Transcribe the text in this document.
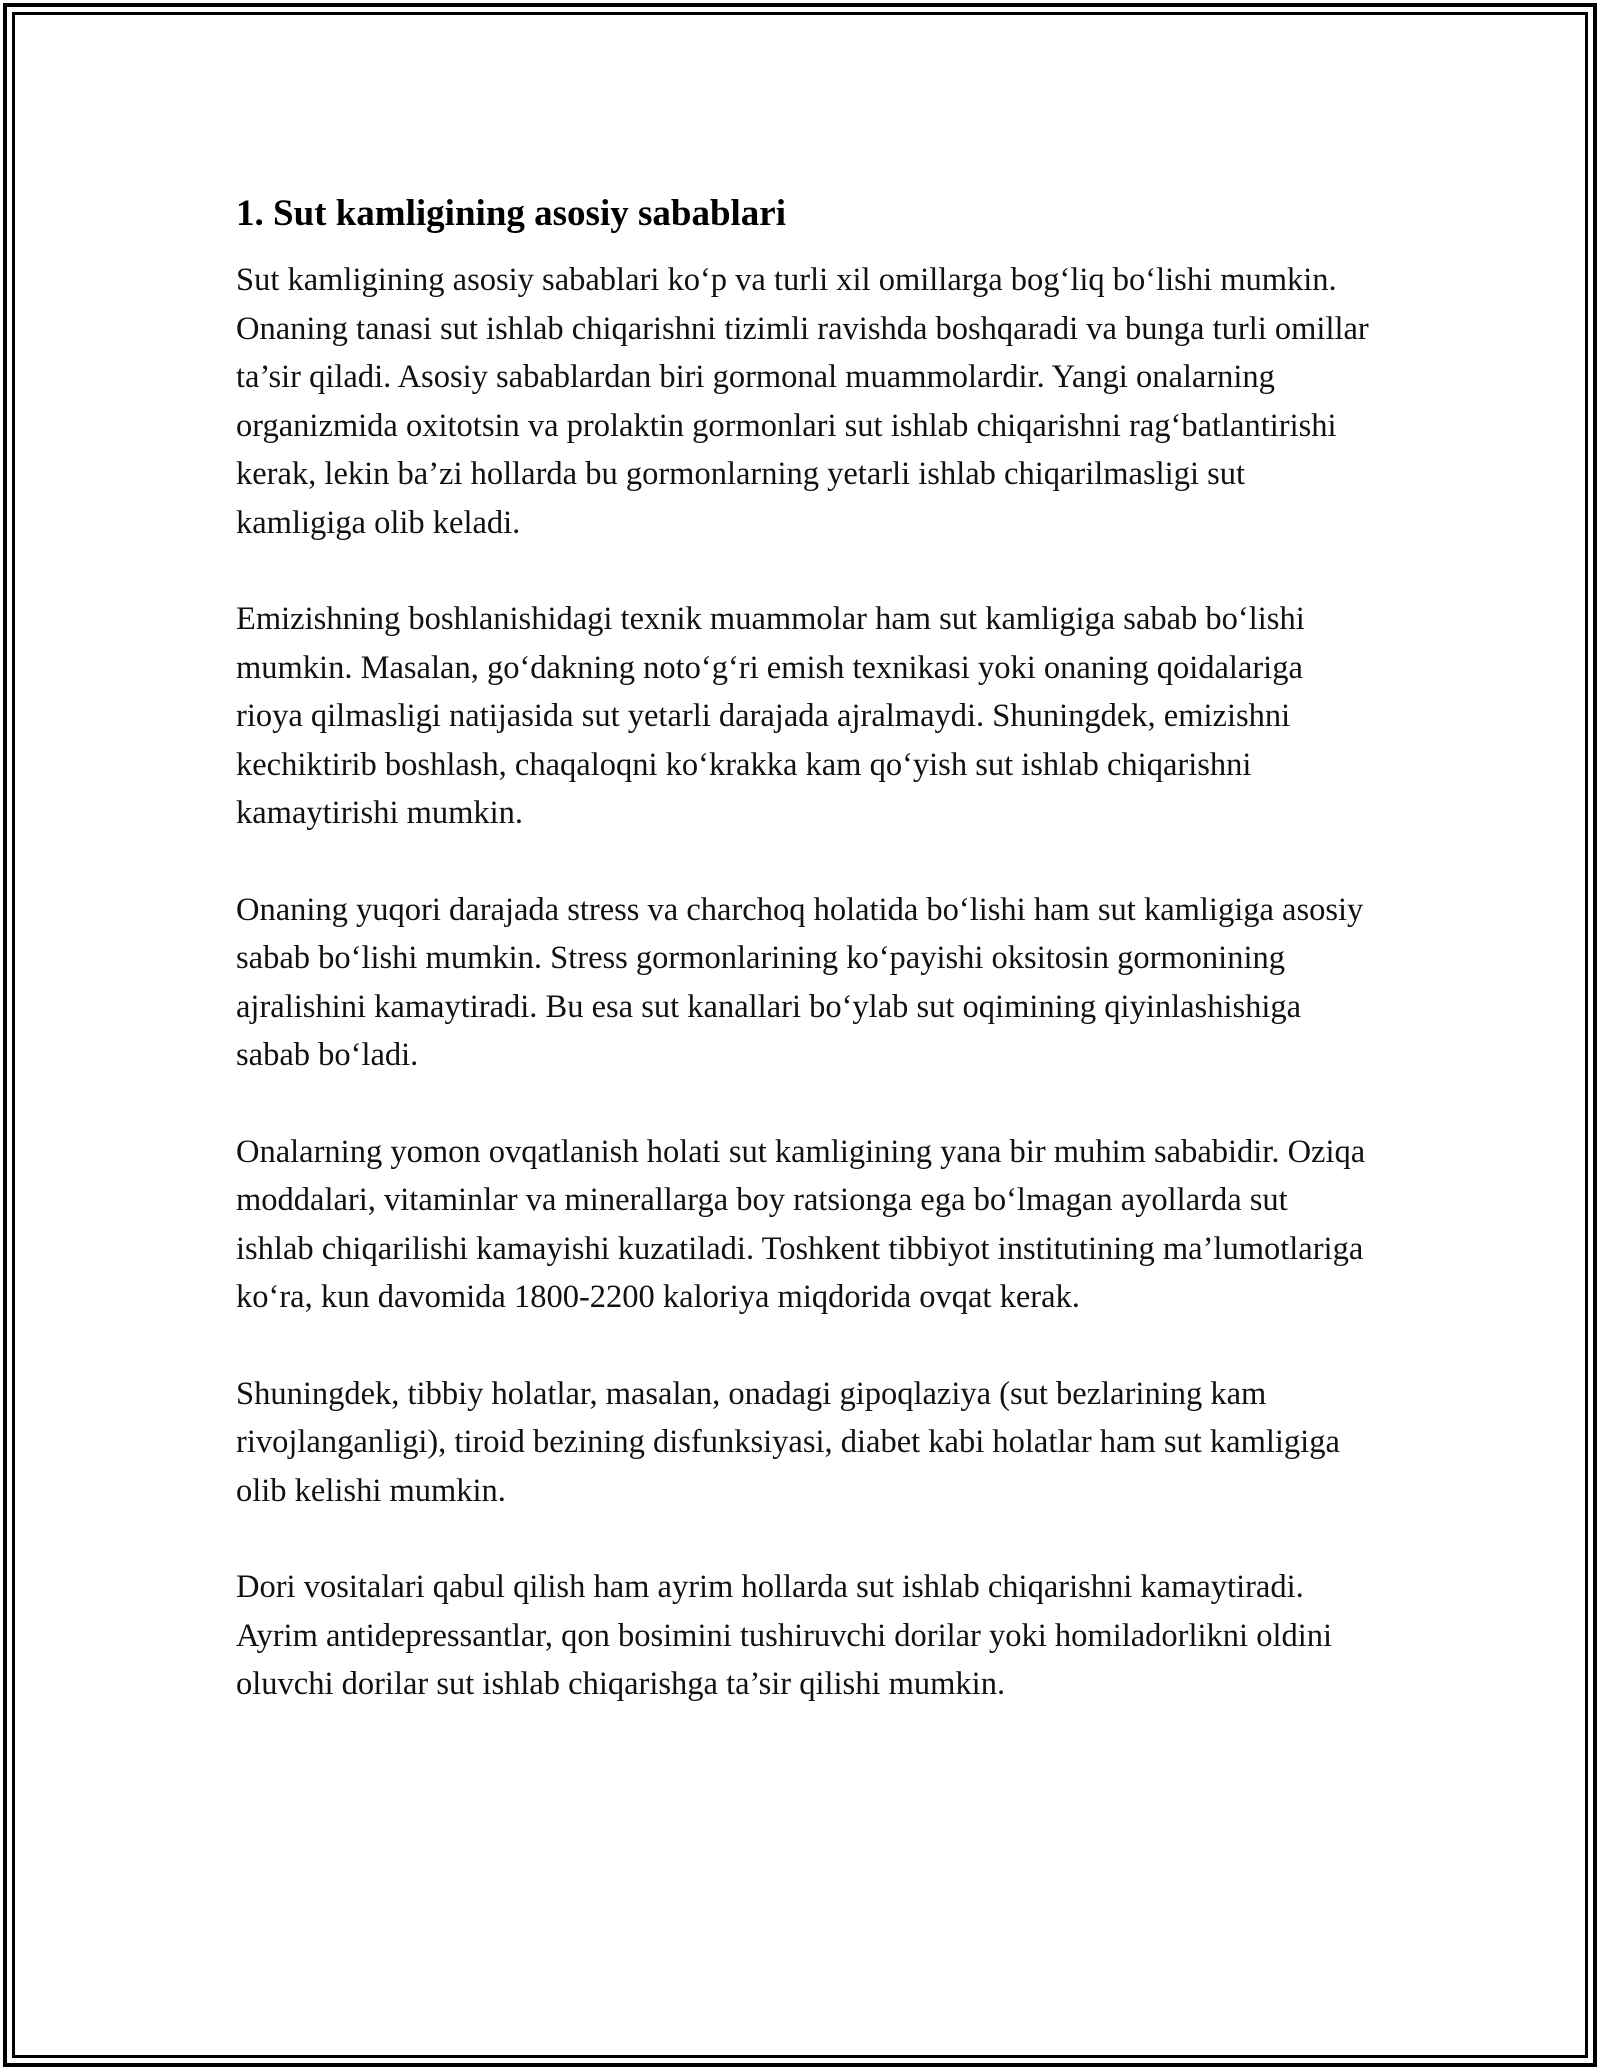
1. Sut kamligining asosiy sabablari

Sut kamligining asosiy sabablari ko‘p va turli xil omillarga bog‘liq bo‘lishi mumkin. Onaning tanasi sut ishlab chiqarishni tizimli ravishda boshqaradi va bunga turli omillar ta’sir qiladi. Asosiy sabablardan biri gormonal muammolardir. Yangi onalarning organizmida oxitotsin va prolaktin gormonlari sut ishlab chiqarishni rag‘batlantirishi kerak, lekin ba’zi hollarda bu gormonlarning yetarli ishlab chiqarilmasligi sut kamligiga olib keladi.

Emizishning boshlanishidagi texnik muammolar ham sut kamligiga sabab bo‘lishi mumkin. Masalan, go‘dakning noto‘g‘ri emish texnikasi yoki onaning qoidalariga rioya qilmasligi natijasida sut yetarli darajada ajralmaydi. Shuningdek, emizishni kechiktirib boshlash, chaqaloqni ko‘krakka kam qo‘yish sut ishlab chiqarishni kamaytirishi mumkin.

Onaning yuqori darajada stress va charchoq holatida bo‘lishi ham sut kamligiga asosiy sabab bo‘lishi mumkin. Stress gormonlarining ko‘payishi oksitosin gormonining ajralishini kamaytiradi. Bu esa sut kanallari bo‘ylab sut oqimining qiyinlashishiga sabab bo‘ladi.

Onalarning yomon ovqatlanish holati sut kamligining yana bir muhim sababidir. Oziqa moddalari, vitaminlar va minerallarga boy ratsionga ega bo‘lmagan ayollarda sut ishlab chiqarilishi kamayishi kuzatiladi. Toshkent tibbiyot institutining ma’lumotlariga ko‘ra, kun davomida 1800-2200 kaloriya miqdorida ovqat kerak.

Shuningdek, tibbiy holatlar, masalan, onadagi gipoqlaziya (sut bezlarining kam rivojlanganligi), tiroid bezining disfunksiyasi, diabet kabi holatlar ham sut kamligiga olib kelishi mumkin.

Dori vositalari qabul qilish ham ayrim hollarda sut ishlab chiqarishni kamaytiradi. Ayrim antidepressantlar, qon bosimini tushiruvchi dorilar yoki homiladorlikni oldini oluvchi dorilar sut ishlab chiqarishga ta’sir qilishi mumkin.
